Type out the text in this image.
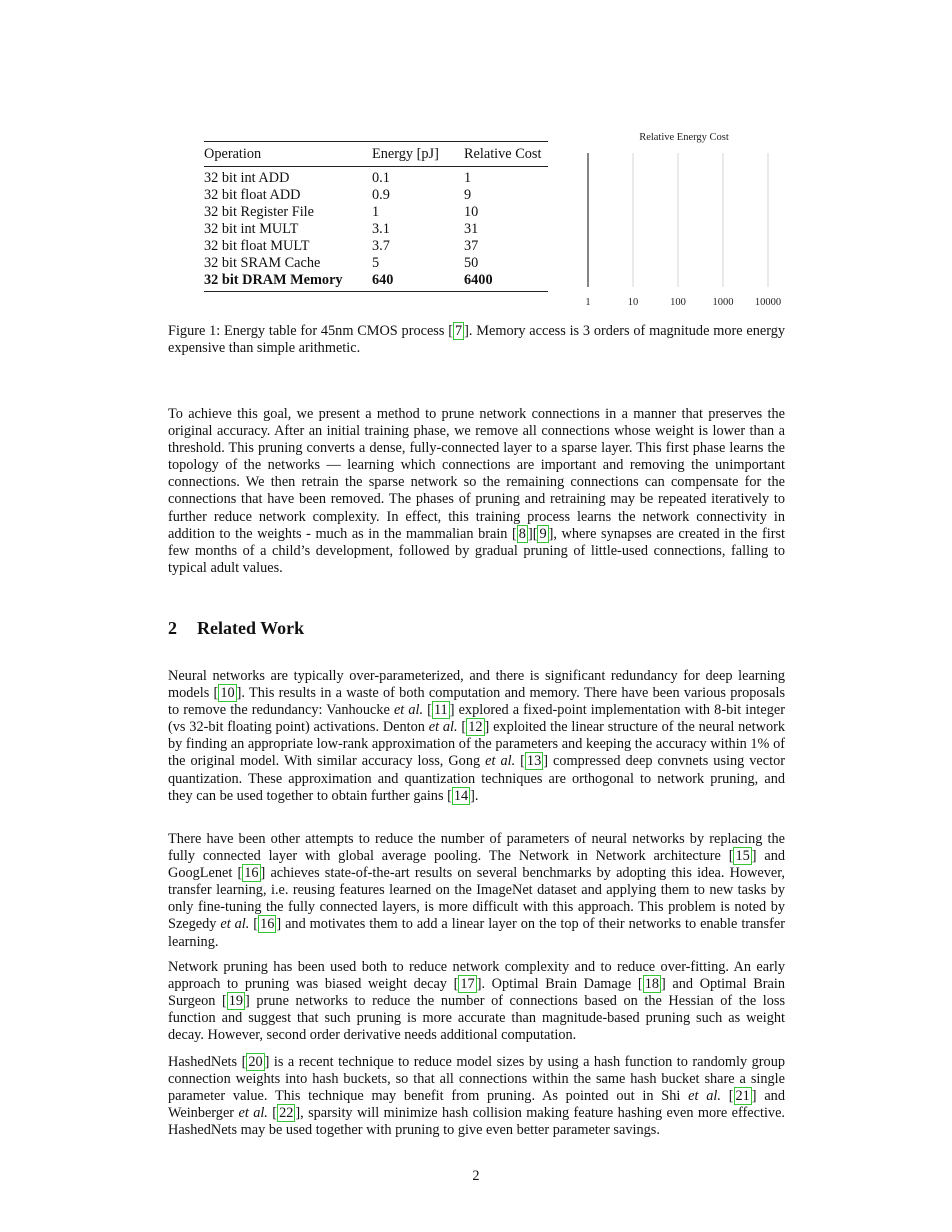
Operation	Energy [pJ]	Relative Cost
32 bit int ADD	0.1	1
32 bit float ADD	0.9	9
32 bit Register File	1	10
32 bit int MULT	3.1	31
32 bit float MULT	3.7	37
32 bit SRAM Cache	5	50
32 bit DRAM Memory	640	6400
Relative Energy Cost
1	10	100	1000 10000

Figure 1: Energy table for 45nm CMOS process [ 7 ]. Memory access is 3 orders of magnitude more energy expensive than simple arithmetic.

To achieve this goal, we present a method to prune network connections in a manner that preserves the original accuracy. After an initial training phase, we remove all connections whose weight is lower than a threshold. This pruning converts a dense, fully-connected layer to a sparse layer. This first phase learns the topology of the networks — learning which connections are important and removing the unimportant connections. We then retrain the sparse network so the remaining connections can compensate for the connections that have been removed. The phases of pruning and retraining may be repeated iteratively to further reduce network complexity. In effect, this training process learns the network connectivity in addition to the weights - much as in the mammalian brain [ 8 ][ 9 ], where synapses are created in the first few months of a child’s development, followed by gradual pruning of little-used connections, falling to typical adult values.

2 Related Work

Neural networks are typically over-parameterized, and there is significant redundancy for deep learning models [ 10 ]. This results in a waste of both computation and memory. There have been various proposals to remove the redundancy: Vanhoucke et al. [ 11 ] explored a fixed-point implementation with 8-bit integer (vs 32-bit floating point) activations. Denton et al. [ 12 ] exploited the linear structure of the neural network by finding an appropriate low-rank approximation of the parameters and keeping the accuracy within 1% of the original model. With similar accuracy loss, Gong et al. [ 13 ] compressed deep convnets using vector quantization. These approximation and quantization techniques are orthogonal to network pruning, and they can be used together to obtain further gains [ 14 ].

There have been other attempts to reduce the number of parameters of neural networks by replacing the fully connected layer with global average pooling. The Network in Network architecture [ 15 ] and GoogLenet [ 16 ] achieves state-of-the-art results on several benchmarks by adopting this idea. However, transfer learning, i.e. reusing features learned on the ImageNet dataset and applying them to new tasks by only fine-tuning the fully connected layers, is more difficult with this approach. This problem is noted by Szegedy et al. [ 16 ] and motivates them to add a linear layer on the top of their networks to enable transfer learning.

Network pruning has been used both to reduce network complexity and to reduce over-fitting. An early approach to pruning was biased weight decay [ 17 ]. Optimal Brain Damage [ 18 ] and Optimal Brain Surgeon [ 19 ] prune networks to reduce the number of connections based on the Hessian of the loss function and suggest that such pruning is more accurate than magnitude-based pruning such as weight decay. However, second order derivative needs additional computation.

HashedNets [ 20 ] is a recent technique to reduce model sizes by using a hash function to randomly group connection weights into hash buckets, so that all connections within the same hash bucket share a single parameter value. This technique may benefit from pruning. As pointed out in Shi et al. [ 21 ] and Weinberger et al. [ 22 ], sparsity will minimize hash collision making feature hashing even more effective. HashedNets may be used together with pruning to give even better parameter savings.

2
